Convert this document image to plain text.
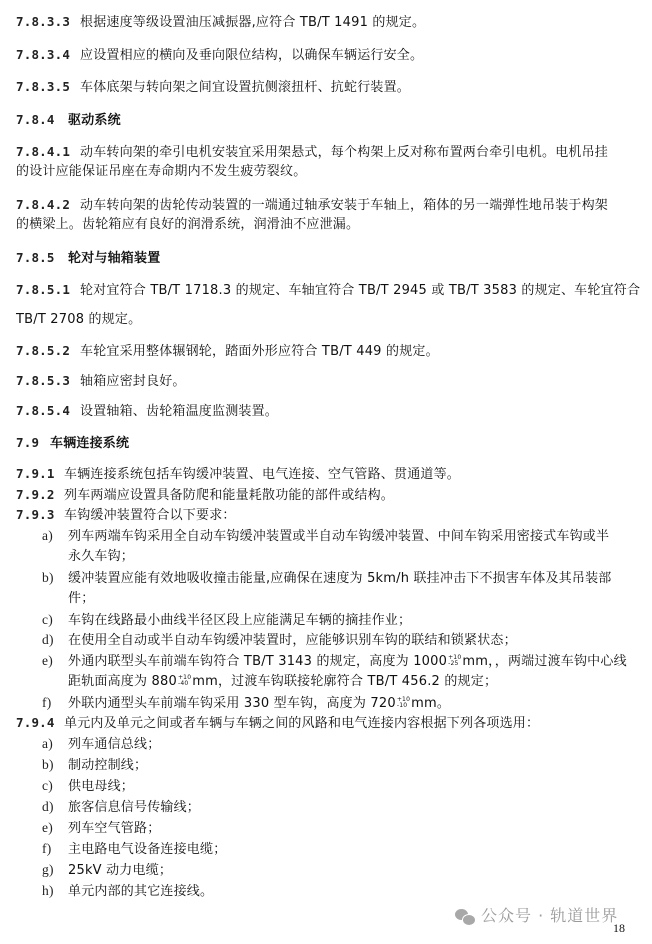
7.8.3.3 根据速度等级设置油压减振器,应符合 TB/T 1491 的规定。
7.8.3.4 应设置相应的横向及垂向限位结构，以确保车辆运行安全。
7.8.3.5 车体底架与转向架之间宜设置抗侧滚扭杆、抗蛇行装置。
7.8.4 驱动系统
7.8.4.1 动车转向架的牵引电机安装宜采用架悬式，每个构架上反对称布置两台牵引电机。电机吊挂
的设计应能保证吊座在寿命期内不发生疲劳裂纹。
7.8.4.2 动车转向架的齿轮传动装置的一端通过轴承安装于车轴上，箱体的另一端弹性地吊装于构架
的横梁上。齿轮箱应有良好的润滑系统，润滑油不应泄漏。
7.8.5 轮对与轴箱装置
7.8.5.1 轮对宜符合 TB/T 1718.3 的规定、车轴宜符合 TB/T 2945 或 TB/T 3583 的规定、车轮宜符合
TB/T 2708 的规定。
7.8.5.2 车轮宜采用整体辗钢轮，踏面外形应符合 TB/T 449 的规定。
7.8.5.3 轴箱应密封良好。
7.8.5.4 设置轴箱、齿轮箱温度监测装置。
7.9 车辆连接系统
7.9.1 车辆连接系统包括车钩缓冲装置、电气连接、空气管路、贯通道等。
7.9.2 列车两端应设置具备防爬和能量耗散功能的部件或结构。
7.9.3 车钩缓冲装置符合以下要求：
a) 列车两端车钩采用全自动车钩缓冲装置或半自动车钩缓冲装置、中间车钩采用密接式车钩或半
永久车钩；
b) 缓冲装置应能有效地吸收撞击能量,应确保在速度为 5km/h 联挂冲击下不损害车体及其吊装部
件；
c) 车钩在线路最小曲线半径区段上应能满足车辆的摘挂作业；
d) 在使用全自动或半自动车钩缓冲装置时，应能够识别车钩的联结和锁紧状态；
e) 外通内联型头车前端车钩符合 TB/T 3143 的规定，高度为 1000 +10
-25 mm，，两端过渡车钩中心线
距轨面高度为 880 +10
-40 mm，过渡车钩联接轮廓符合 TB/T 456.2 的规定；
f) 外联内通型头车前端车钩采用 330 型车钩，高度为 720 +10
-10 mm。
7.9.4 单元内及单元之间或者车辆与车辆之间的风路和电气连接内容根据下列各项选用：
a) 列车通信总线；
b) 制动控制线；
c) 供电母线；
d) 旅客信息信号传输线；
e) 列车空气管路；
f) 主电路电气设备连接电缆；
g) 25kV 动力电缆；
h) 单元内部的其它连接线。
公众号 · 轨道世界
18
